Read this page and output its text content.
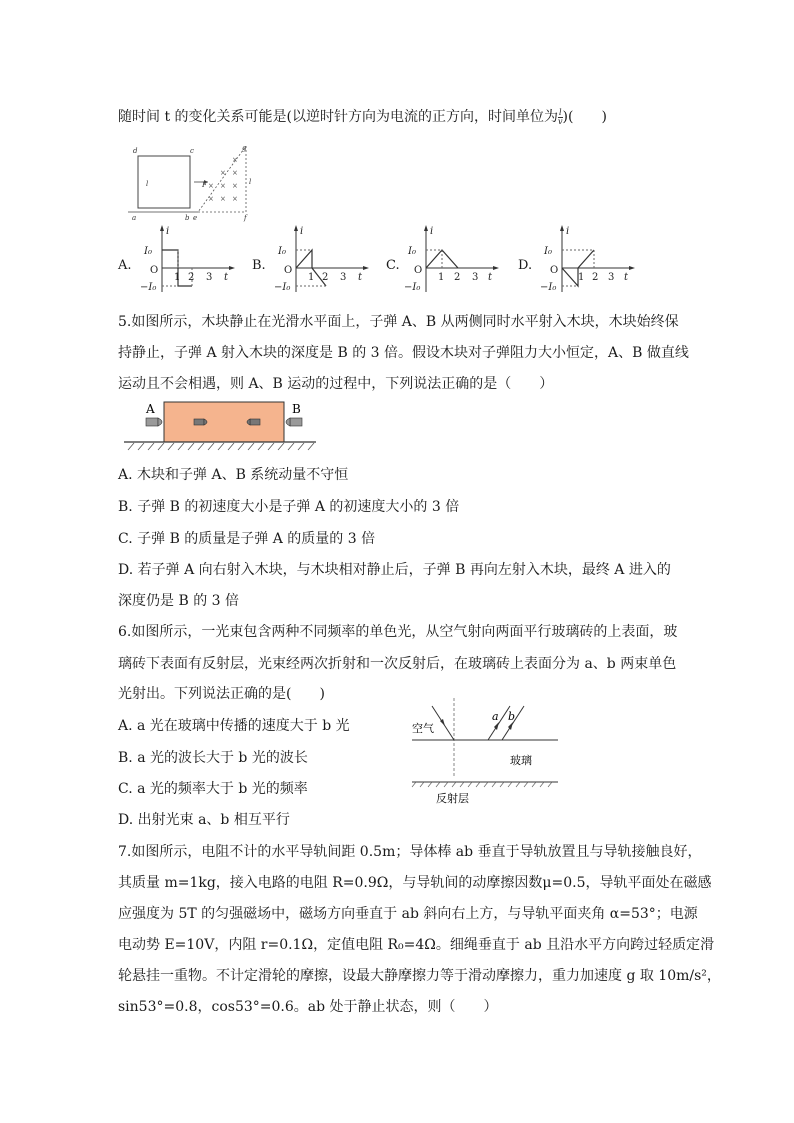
随时间 t 的变化关系可能是(以逆时针方向为电流的正方向，时间单位为 $\frac{l}{v}$ )(　　)
d	c	g
l	F
a	b e	f
l
×
× ×
× × ×
× × ×
A.
i
I₀
O
−I₀
1 2 3 t
B.
i
I₀
O
−I₀
1 2 3 t
C.
i
I₀
O
−I₀
1 2 3 t
D.
i
I₀
O
−I₀
1 2 3 t
5.如图所示，木块静止在光滑水平面上，子弹 A、B 从两侧同时水平射入木块，木块始终保
持静止，子弹 A 射入木块的深度是 B 的 3 倍。假设木块对子弹阻力大小恒定，A、B 做直线
运动且不会相遇，则 A、B 运动的过程中，下列说法正确的是（　　）
A	B
A. 木块和子弹 A、B 系统动量不守恒
B. 子弹 B 的初速度大小是子弹 A 的初速度大小的 3 倍
C. 子弹 B 的质量是子弹 A 的质量的 3 倍
D. 若子弹 A 向右射入木块，与木块相对静止后，子弹 B 再向左射入木块，最终 A 进入的
深度仍是 B 的 3 倍
6.如图所示，一光束包含两种不同频率的单色光，从空气射向两面平行玻璃砖的上表面，玻
璃砖下表面有反射层，光束经两次折射和一次反射后，在玻璃砖上表面分为 a、b 两束单色
光射出。下列说法正确的是(　　)
A. a 光在玻璃中传播的速度大于 b 光
B. a 光的波长大于 b 光的波长
C. a 光的频率大于 b 光的频率
D. 出射光束 a、b 相互平行
空气
玻璃
反射层
a b
7.如图所示，电阻不计的水平导轨间距 0.5m；导体棒 ab 垂直于导轨放置且与导轨接触良好，
其质量 m=1kg，接入电路的电阻 R=0.9Ω，与导轨间的动摩擦因数μ=0.5，导轨平面处在磁感
应强度为 5T 的匀强磁场中，磁场方向垂直于 ab 斜向右上方，与导轨平面夹角 α=53°；电源
电动势 E=10V，内阻 r=0.1Ω，定值电阻 R₀=4Ω。细绳垂直于 ab 且沿水平方向跨过轻质定滑
轮悬挂一重物。不计定滑轮的摩擦，设最大静摩擦力等于滑动摩擦力，重力加速度 g 取 10m/s²，
sin53°=0.8，cos53°=0.6。ab 处于静止状态，则（　　）
